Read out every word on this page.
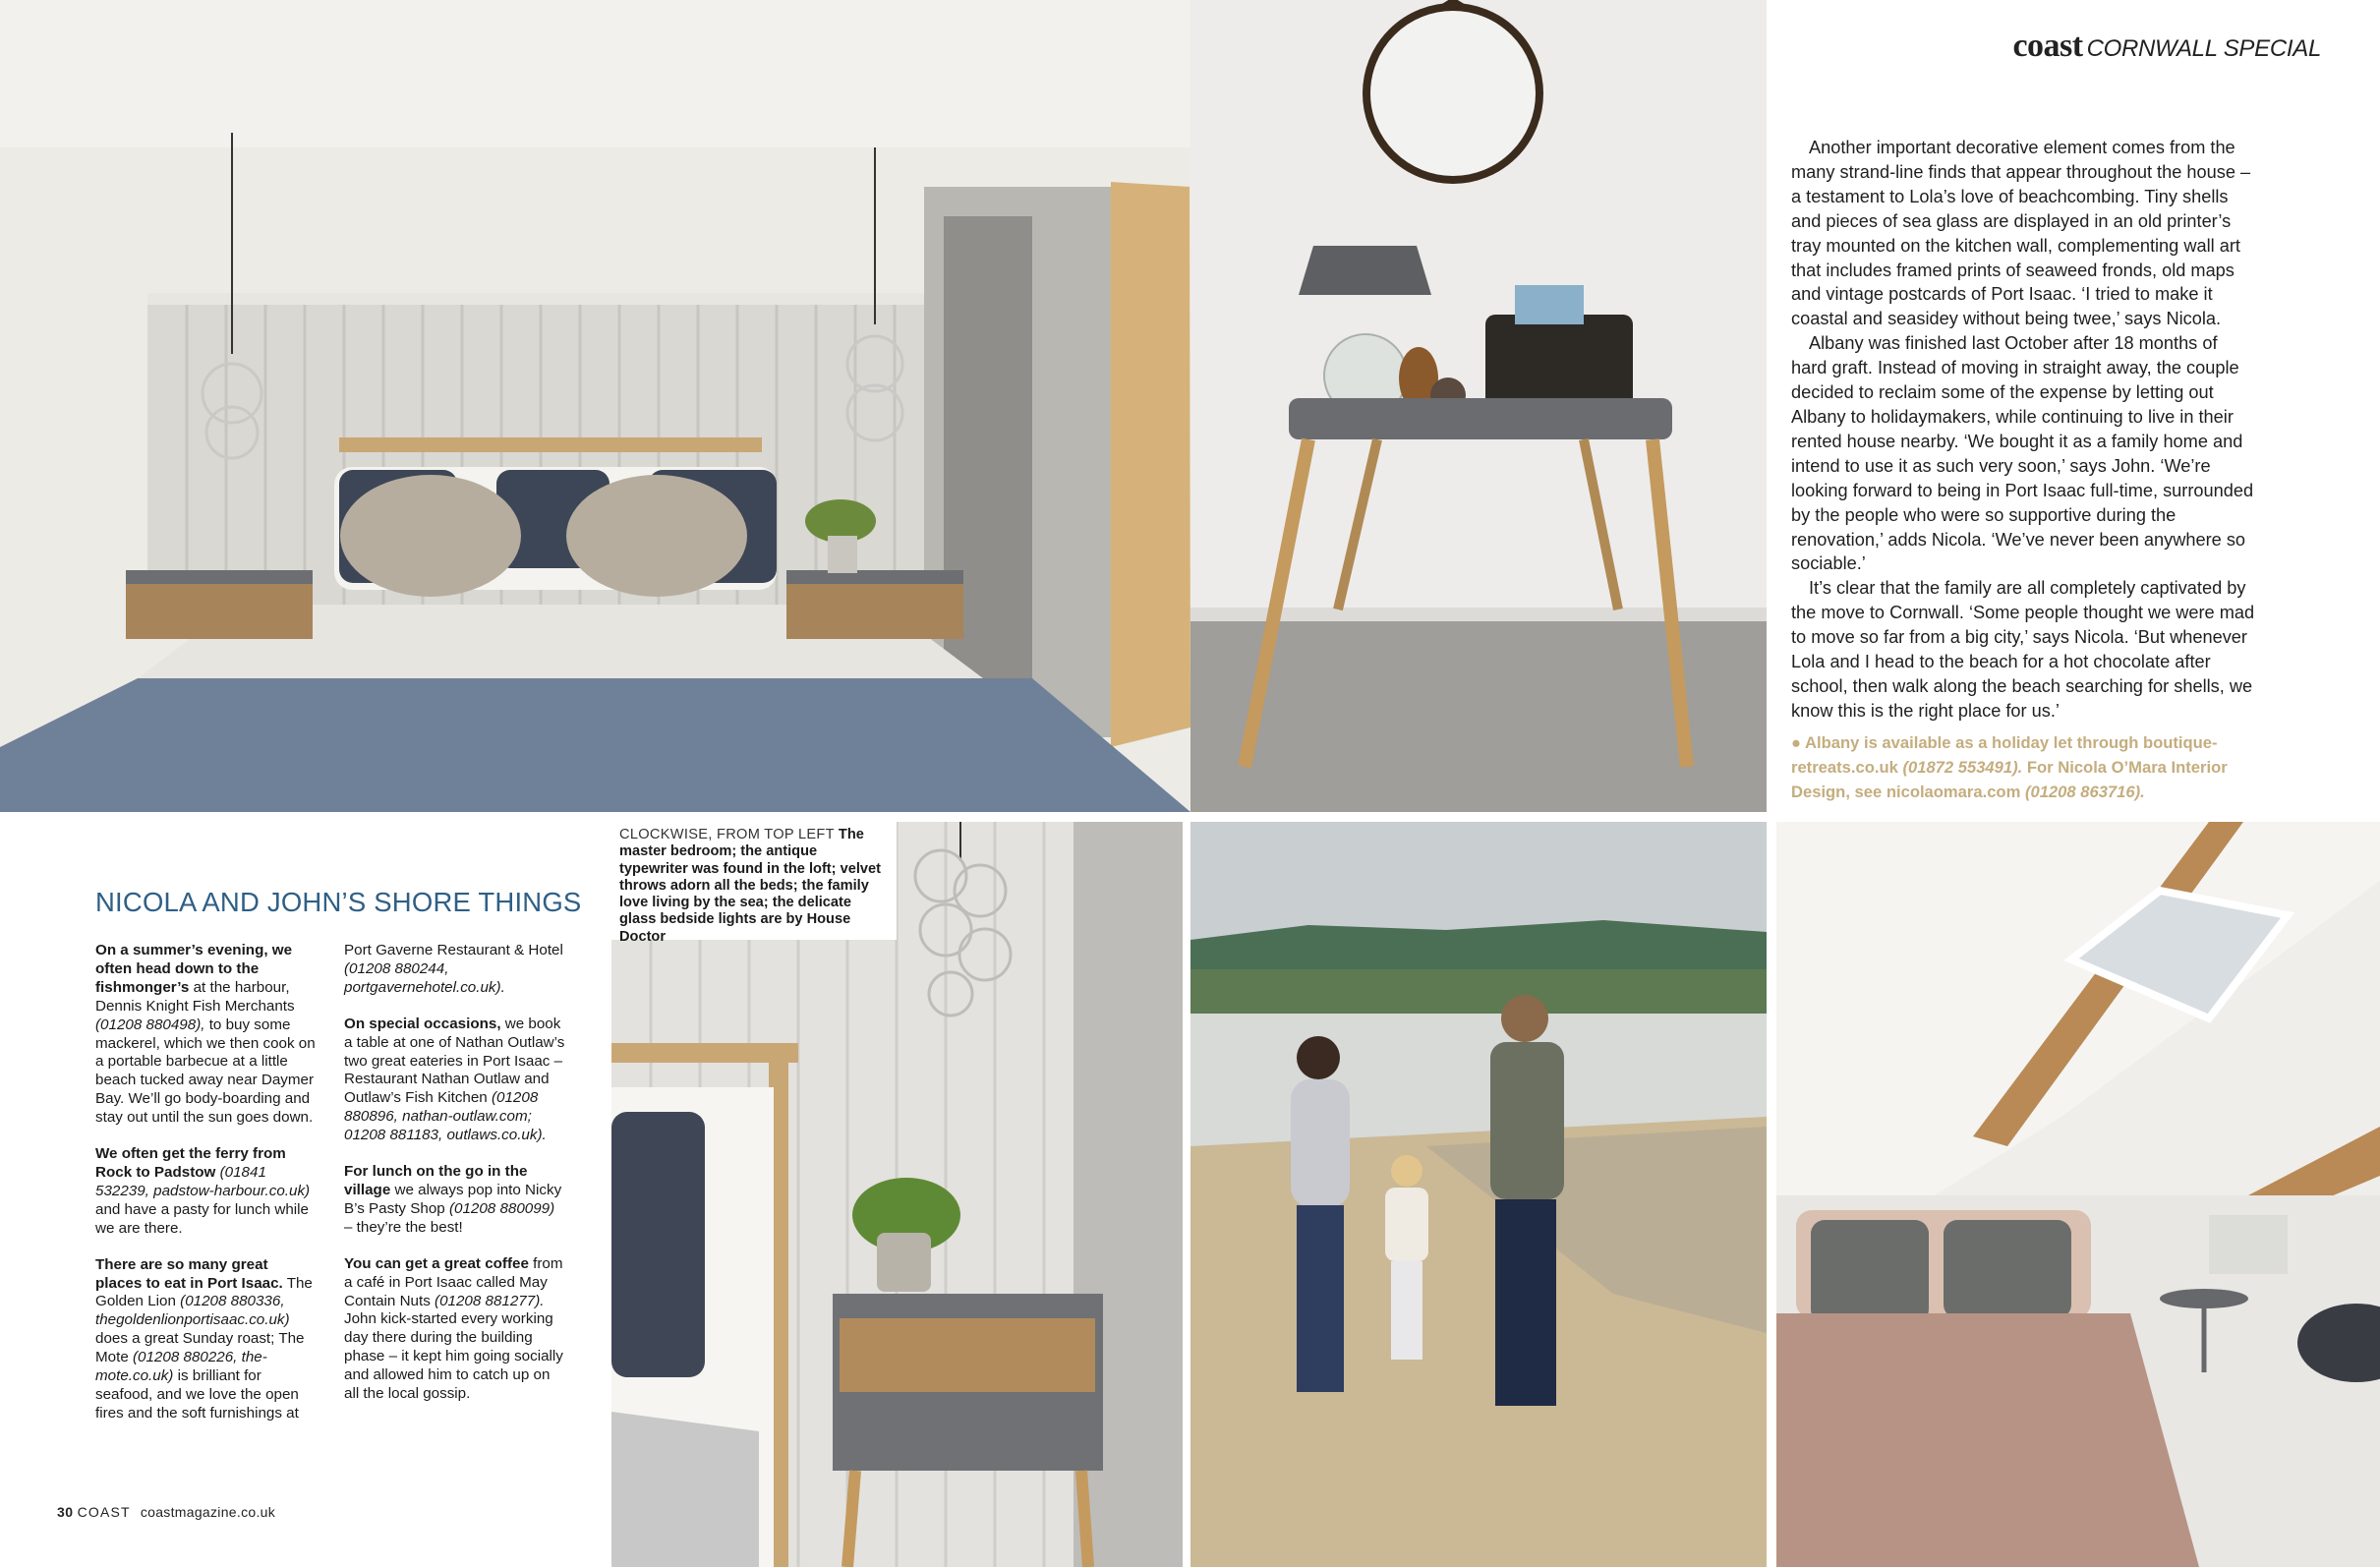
coast CORNWALL SPECIAL

Another important decorative element comes from the many strand-line finds that appear throughout the house – a testament to Lola’s love of beachcombing. Tiny shells and pieces of sea glass are displayed in an old printer’s tray mounted on the kitchen wall, complementing wall art that includes framed prints of seaweed fronds, old maps and vintage postcards of Port Isaac. ‘I tried to make it coastal and seasidey without being twee,’ says Nicola.

Albany was finished last October after 18 months of hard graft. Instead of moving in straight away, the couple decided to reclaim some of the expense by letting out Albany to holidaymakers, while continuing to live in their rented house nearby. ‘We bought it as a family home and intend to use it as such very soon,’ says John. ‘We’re looking forward to being in Port Isaac full-time, surrounded by the people who were so supportive during the renovation,’ adds Nicola. ‘We’ve never been anywhere so sociable.’

It’s clear that the family are all completely captivated by the move to Cornwall. ‘Some people thought we were mad to move so far from a big city,’ says Nicola. ‘But whenever Lola and I head to the beach for a hot chocolate after school, then walk along the beach searching for shells, we know this is the right place for us.’

● Albany is available as a holiday let through boutique-retreats.co.uk (01872 553491). For Nicola O’Mara Interior Design, see nicolaomara.com (01208 863716).
NICOLA AND JOHN’S SHORE THINGS

On a summer’s evening, we often head down to the fishmonger’s at the harbour, Dennis Knight Fish Merchants (01208 880498), to buy some mackerel, which we then cook on a portable barbecue at a little beach tucked away near Daymer Bay. We’ll go body-boarding and stay out until the sun goes down.

We often get the ferry from Rock to Padstow (01841 532239, padstow-harbour.co.uk) and have a pasty for lunch while we are there.

There are so many great places to eat in Port Isaac. The Golden Lion (01208 880336, thegoldenlionportisaac.co.uk) does a great Sunday roast; The Mote (01208 880226, the-mote.co.uk) is brilliant for seafood, and we love the open fires and the soft furnishings at

Port Gaverne Restaurant & Hotel (01208 880244, portgavernehotel.co.uk).

On special occasions, we book a table at one of Nathan Outlaw’s two great eateries in Port Isaac – Restaurant Nathan Outlaw and Outlaw’s Fish Kitchen (01208 880896, nathan-outlaw.com; 01208 881183, outlaws.co.uk).

For lunch on the go in the village we always pop into Nicky B’s Pasty Shop (01208 880099) – they’re the best!

You can get a great coffee from a café in Port Isaac called May Contain Nuts (01208 881277). John kick-started every working day there during the building phase – it kept him going socially and allowed him to catch up on all the local gossip.

CLOCKWISE, FROM TOP LEFT The master bedroom; the antique typewriter was found in the loft; velvet throws adorn all the beds; the family love living by the sea; the delicate glass bedside lights are by House Doctor
30 COAST coastmagazine.co.uk
